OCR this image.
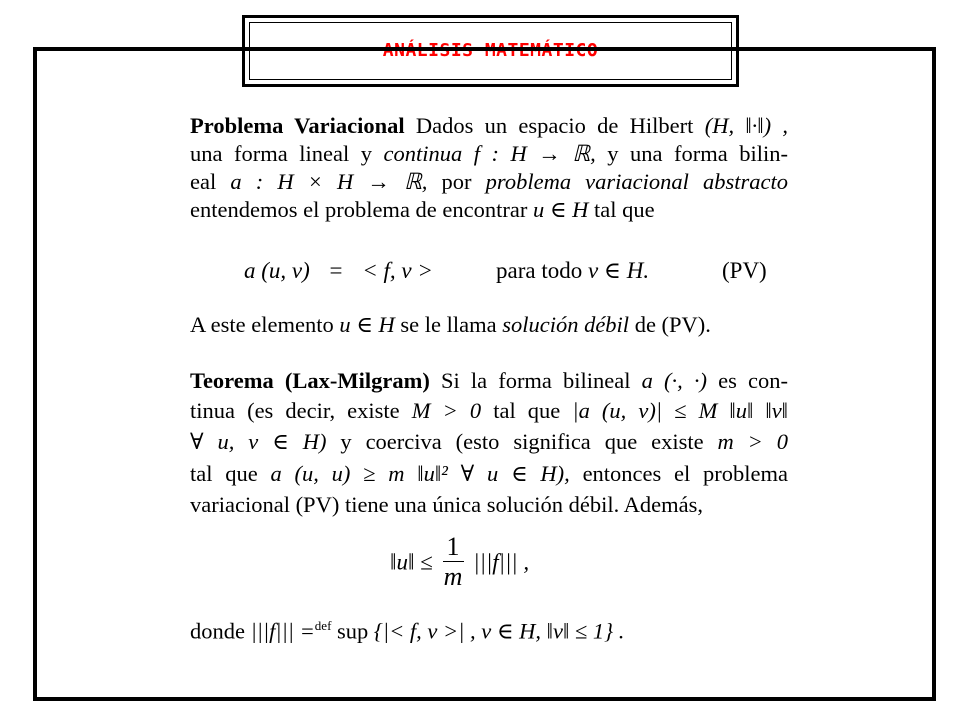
ANÁLISIS MATEMÁTICO
Problema Variacional Dados un espacio de Hilbert (H, ‖·‖) ,
una forma lineal y continua f : H → ℝ, y una forma bilin-
eal a : H × H → ℝ, por problema variacional abstracto
entendemos el problema de encontrar u ∈ H tal que
a (u, v) = < f, v >	para todo v ∈ H.	(PV)
A este elemento u ∈ H se le llama solución débil de (PV).
Teorema (Lax-Milgram) Si la forma bilineal a (·, ·) es con-
tinua (es decir, existe M > 0 tal que |a (u, v)| ≤ M ‖u‖ ‖v‖
∀ u, v ∈ H) y coerciva (esto significa que existe m > 0
tal que a (u, u) ≥ m ‖u‖² ∀ u ∈ H), entonces el problema
variacional (PV) tiene una única solución débil. Además,
‖u‖ ≤ $\frac{1}{m} |||f|||$ ,
donde |||f||| =$^{def}$ sup {|< f, v >| , v ∈ H, ‖v‖ ≤ 1} .
